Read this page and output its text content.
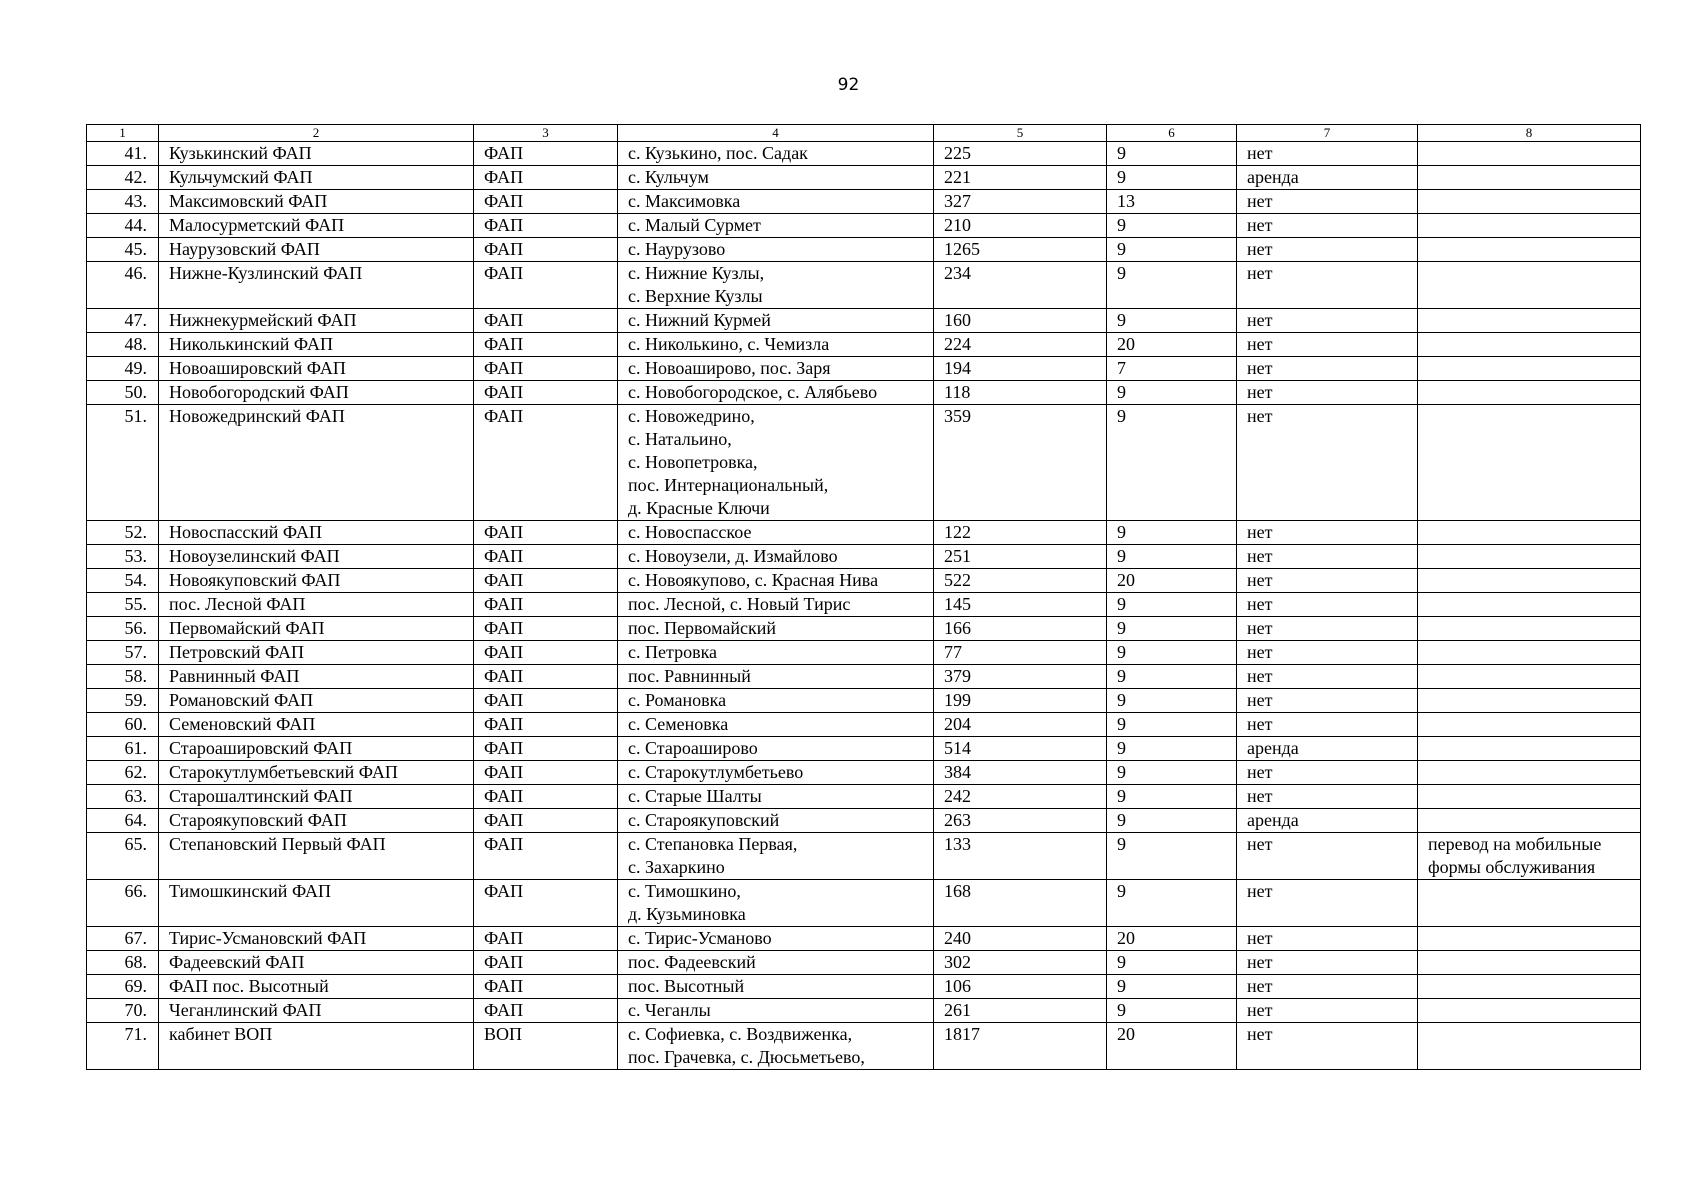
92
1	2	3	4	5	6	7	8
41.	Кузькинский ФАП	ФАП	с. Кузькино, пос. Садак	225	9	нет	
42.	Кульчумский ФАП	ФАП	с. Кульчум	221	9	аренда	
43.	Максимовский ФАП	ФАП	с. Максимовка	327	13	нет	
44.	Малосурметский ФАП	ФАП	с. Малый Сурмет	210	9	нет	
45.	Наурузовский ФАП	ФАП	с. Наурузово	1265	9	нет	
46.	Нижне-Кузлинский ФАП	ФАП	с. Нижние Кузлы,
с. Верхние Кузлы	234	9	нет	
47.	Нижнекурмейский ФАП	ФАП	с. Нижний Курмей	160	9	нет	
48.	Николькинский ФАП	ФАП	с. Николькино, с. Чемизла	224	20	нет	
49.	Новоашировский ФАП	ФАП	с. Новоаширово, пос. Заря	194	7	нет	
50.	Новобогородский ФАП	ФАП	с. Новобогородское, с. Алябьево	118	9	нет	
51.	Новожедринский ФАП	ФАП	с. Новожедрино,
с. Натальино,
с. Новопетровка,
пос. Интернациональный,
д. Красные Ключи	359	9	нет	
52.	Новоспасский ФАП	ФАП	с. Новоспасское	122	9	нет	
53.	Новоузелинский ФАП	ФАП	с. Новоузели, д. Измайлово	251	9	нет	
54.	Новоякуповский ФАП	ФАП	с. Новоякупово, с. Красная Нива	522	20	нет	
55.	пос. Лесной ФАП	ФАП	пос. Лесной, с. Новый Тирис	145	9	нет	
56.	Первомайский ФАП	ФАП	пос. Первомайский	166	9	нет	
57.	Петровский ФАП	ФАП	с. Петровка	77	9	нет	
58.	Равнинный ФАП	ФАП	пос. Равнинный	379	9	нет	
59.	Романовский ФАП	ФАП	с. Романовка	199	9	нет	
60.	Семеновский ФАП	ФАП	с. Семеновка	204	9	нет	
61.	Староашировский ФАП	ФАП	с. Староаширово	514	9	аренда	
62.	Старокутлумбетьевский ФАП	ФАП	с. Старокутлумбетьево	384	9	нет	
63.	Старошалтинский ФАП	ФАП	с. Старые Шалты	242	9	нет	
64.	Староякуповский ФАП	ФАП	с. Староякуповский	263	9	аренда	
65.	Степановский Первый ФАП	ФАП	с. Степановка Первая,
с. Захаркино	133	9	нет	перевод на мобильные
формы обслуживания
66.	Тимошкинский ФАП	ФАП	с. Тимошкино,
д. Кузьминовка	168	9	нет	
67.	Тирис-Усмановский ФАП	ФАП	с. Тирис-Усманово	240	20	нет	
68.	Фадеевский ФАП	ФАП	пос. Фадеевский	302	9	нет	
69.	ФАП пос. Высотный	ФАП	пос. Высотный	106	9	нет	
70.	Чеганлинский ФАП	ФАП	с. Чеганлы	261	9	нет	
71.	кабинет ВОП	ВОП	с. Софиевка, с. Воздвиженка,
пос. Грачевка, с. Дюсьметьево,	1817	20	нет	
